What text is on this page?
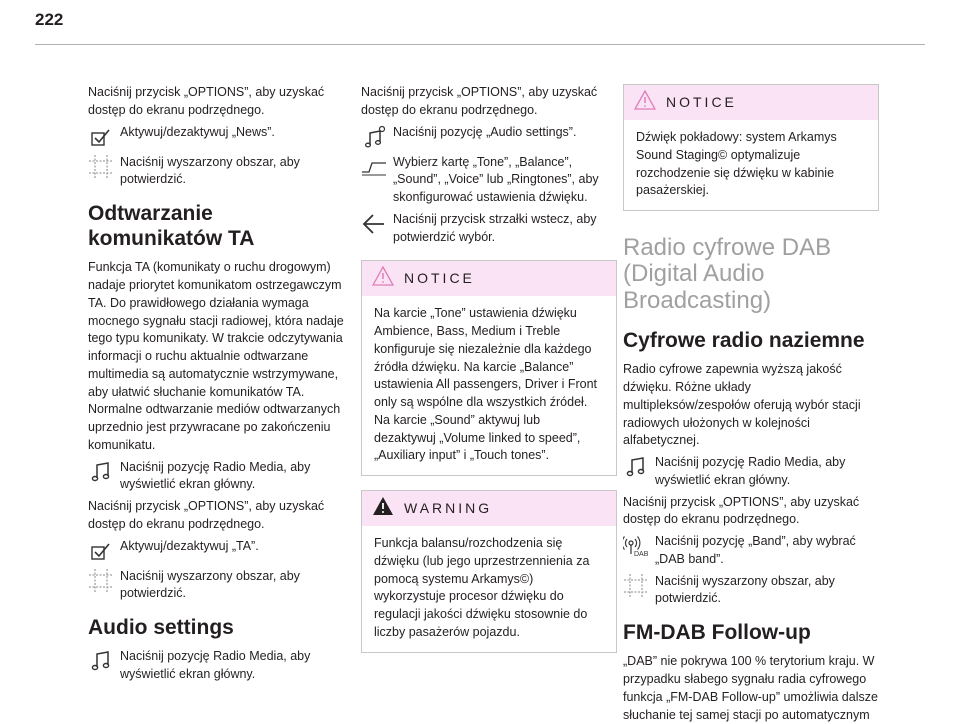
222

Naciśnij przycisk „OPTIONS”, aby uzyskać dostęp do ekranu podrzędnego.

Aktywuj/dezaktywuj „News”.
Naciśnij wyszarzony obszar, aby potwierdzić.
Odtwarzanie komunikatów TA

Funkcja TA (komunikaty o ruchu drogowym) nadaje priorytet komunikatom ostrzegawczym TA. Do prawidłowego działania wymaga mocnego sygnału stacji radiowej, która nadaje tego typu komunikaty. W trakcie odczytywania informacji o ruchu aktualnie odtwarzane multimedia są automatycznie wstrzymywane, aby ułatwić słuchanie komunikatów TA. Normalne odtwarzanie mediów odtwarzanych uprzednio jest przywracane po zakończeniu komunikatu.

Naciśnij pozycję Radio Media, aby wyświetlić ekran główny.

Naciśnij przycisk „OPTIONS”, aby uzyskać dostęp do ekranu podrzędnego.

Aktywuj/dezaktywuj „TA”.
Naciśnij wyszarzony obszar, aby potwierdzić.
Audio settings
Naciśnij pozycję Radio Media, aby wyświetlić ekran główny.

Naciśnij przycisk „OPTIONS”, aby uzyskać dostęp do ekranu podrzędnego.

Naciśnij pozycję „Audio settings”.
Wybierz kartę „Tone”, „Balance”, „Sound”, „Voice” lub „Ringtones”, aby skonfigurować ustawienia dźwięku.
Naciśnij przycisk strzałki wstecz, aby potwierdzić wybór.
NOTICE
Na karcie „Tone” ustawienia dźwięku Ambience, Bass, Medium i Treble konfiguruje się niezależnie dla każdego źródła dźwięku. Na karcie „Balance” ustawienia All passengers, Driver i Front only są wspólne dla wszystkich źródeł. Na karcie „Sound” aktywuj lub dezaktywuj „Volume linked to speed”, „Auxiliary input” i „Touch tones”.
WARNING
Funkcja balansu/rozchodzenia się dźwięku (lub jego uprzestrzennienia za pomocą systemu Arkamys©) wykorzystuje procesor dźwięku do regulacji jakości dźwięku stosownie do liczby pasażerów pojazdu.
NOTICE
Dźwięk pokładowy: system Arkamys Sound Staging© optymalizuje rozchodzenie się dźwięku w kabinie pasażerskiej.
Radio cyfrowe DAB (Digital Audio Broadcasting)
Cyfrowe radio naziemne

Radio cyfrowe zapewnia wyższą jakość dźwięku. Różne układy multipleksów/zespołów oferują wybór stacji radiowych ułożonych w kolejności alfabetycznej.

Naciśnij pozycję Radio Media, aby wyświetlić ekran główny.

Naciśnij przycisk „OPTIONS”, aby uzyskać dostęp do ekranu podrzędnego.

DAB
Naciśnij pozycję „Band”, aby wybrać „DAB band”.
Naciśnij wyszarzony obszar, aby potwierdzić.
FM-DAB Follow-up

„DAB” nie pokrywa 100 % terytorium kraju. W przypadku słabego sygnału radia cyfrowego funkcja „FM-DAB Follow-up” umożliwia dalsze słuchanie tej samej stacji po automatycznym
